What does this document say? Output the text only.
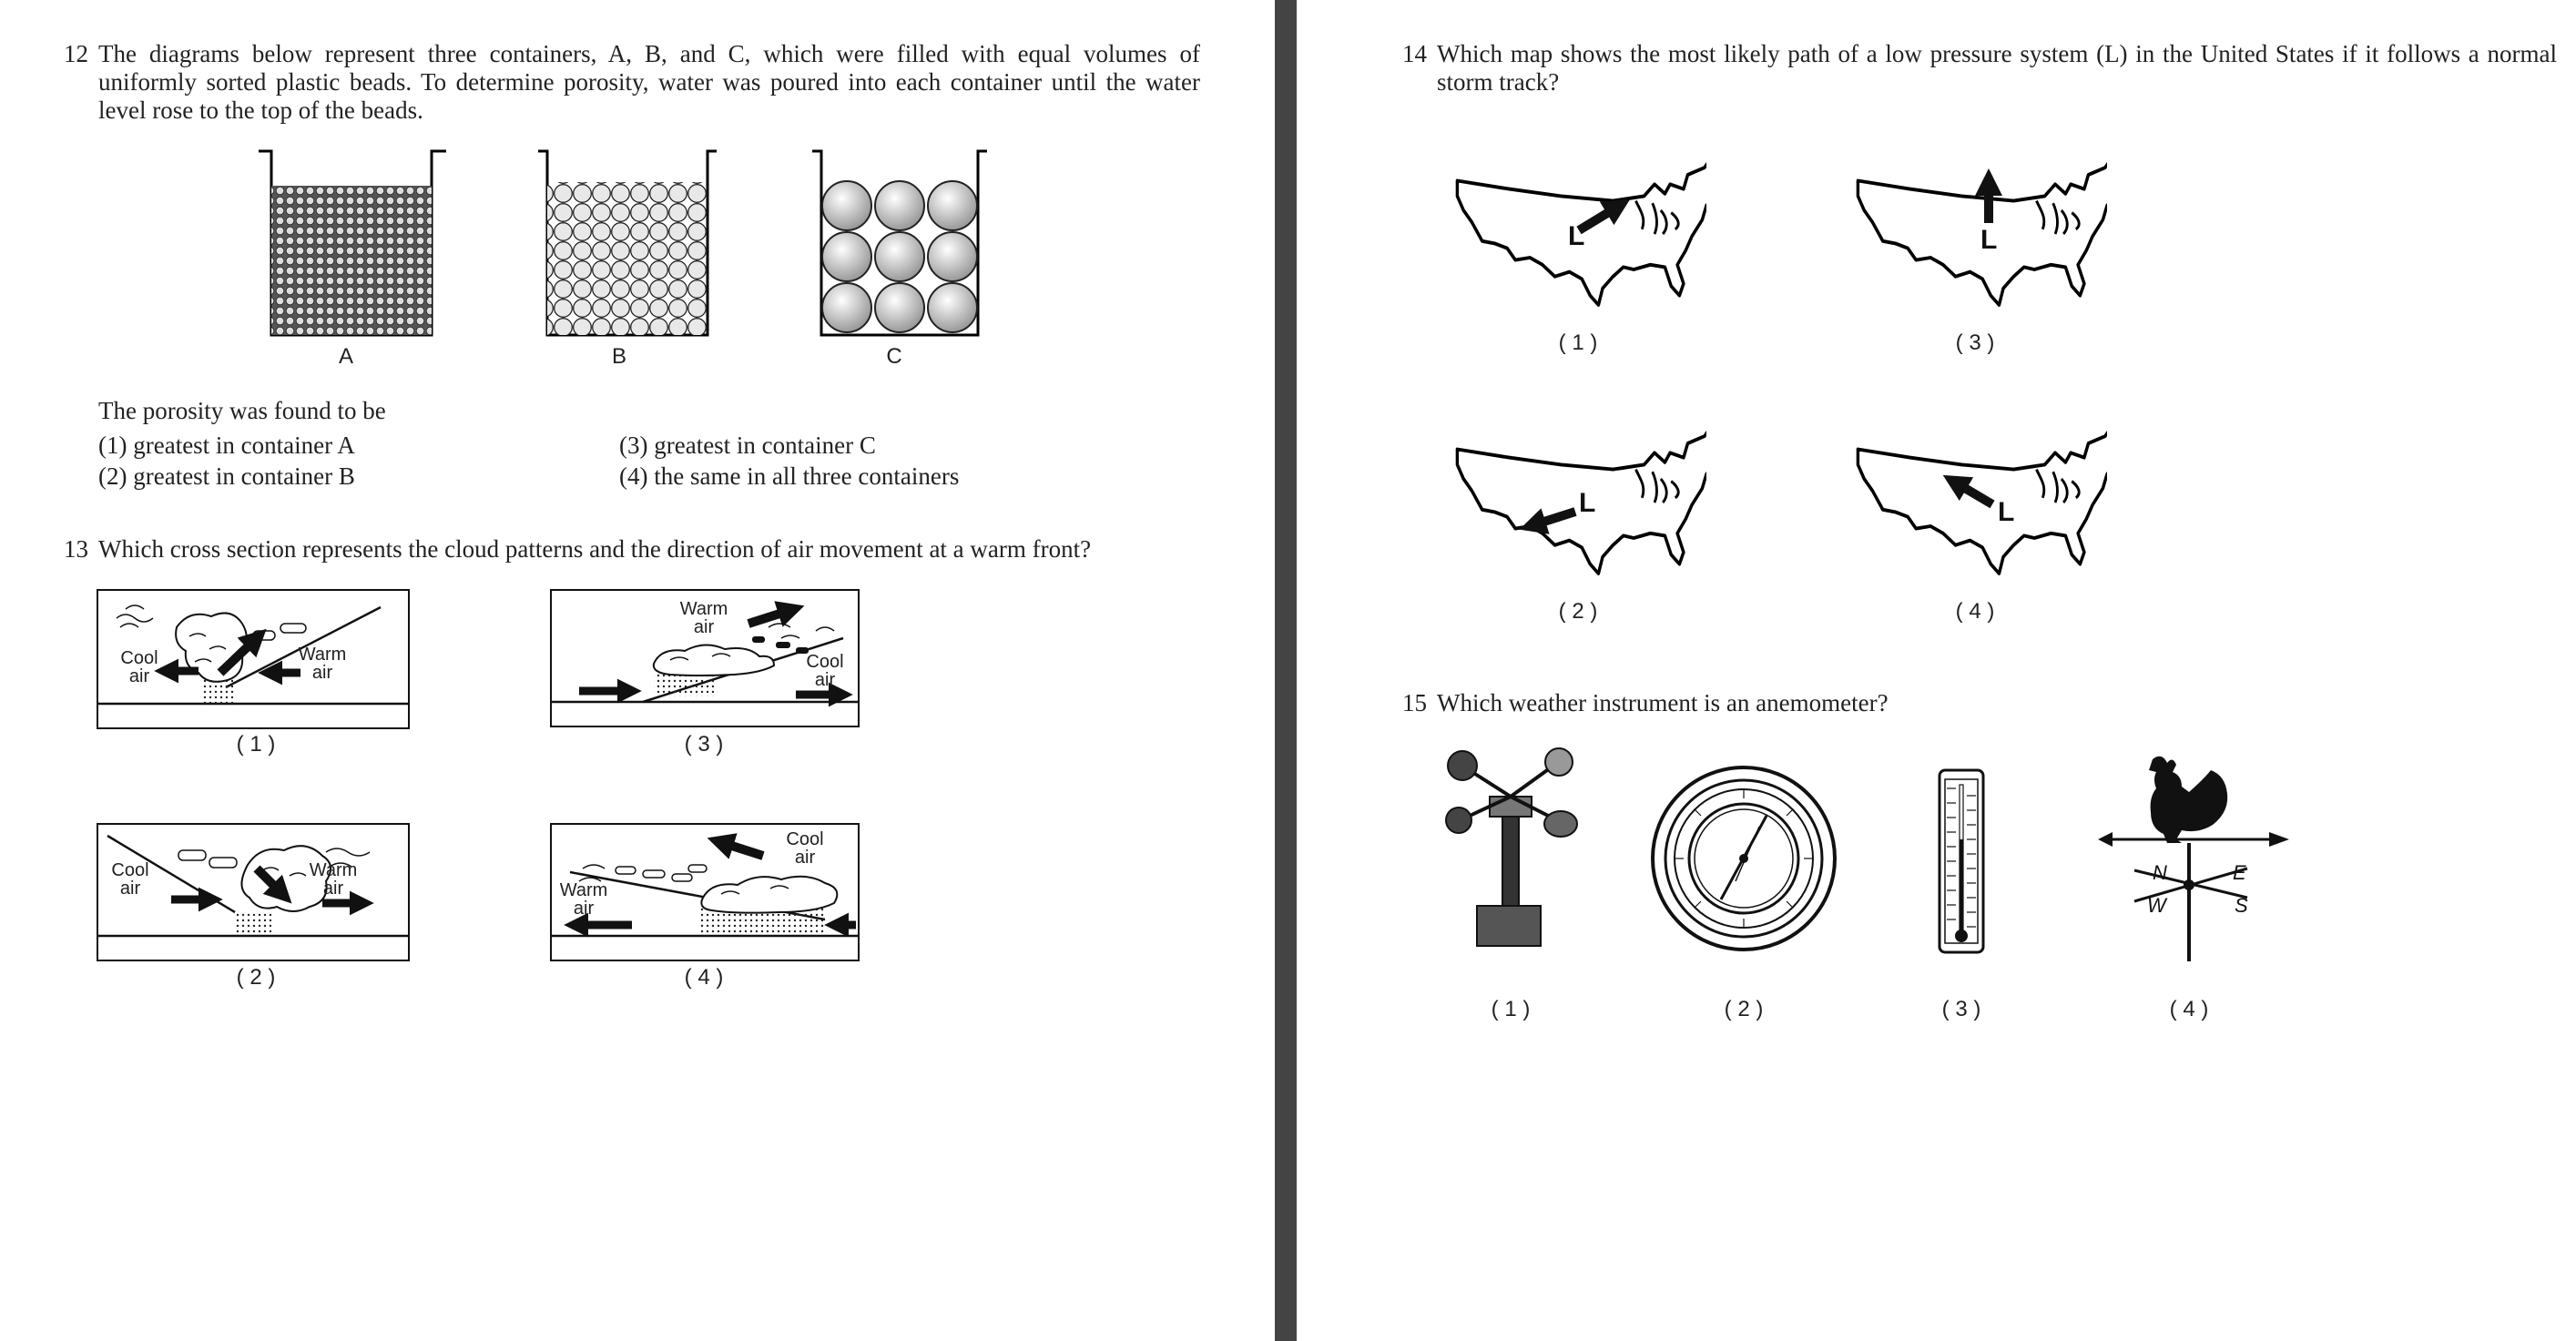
12 The diagrams below represent three containers, A, B, and C, which were filled with equal volumes of
uniformly sorted plastic beads. To determine porosity, water was poured into each container until the water
level rose to the top of the beads.
A	B	C
The porosity was found to be
(1) greatest in container A
(2) greatest in container B
(3) greatest in container C
(4) the same in all three containers
13 Which cross section represents the cloud patterns and the direction of air movement at a warm front?
Cool
air
Warm
air
( 1 )
Cool
air
Warm
air
( 2 )
Warm
air
Cool
air
( 3 )
Warm
air
Cool
air
( 4 )
14 Which map shows the most likely path of a low pressure system (L) in the United States if it follows a normal
storm track?
L
( 1 )
L
( 3 )
L
( 2 )
L
( 4 )
15 Which weather instrument is an anemometer?
( 1 )	( 2 )	( 3 )
N	E
W	S
( 4 )
